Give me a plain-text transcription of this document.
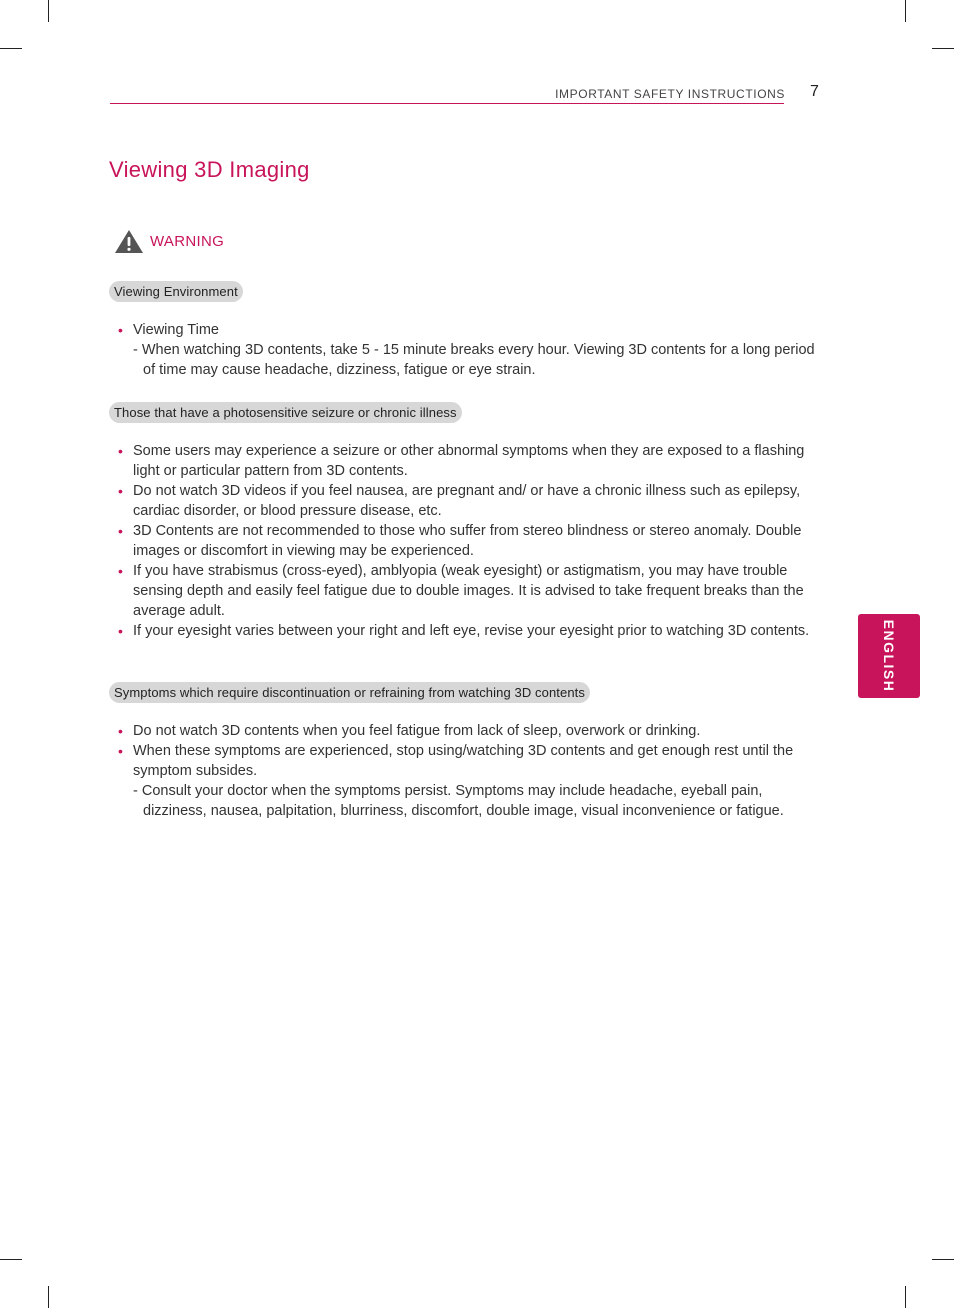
IMPORTANT SAFETY INSTRUCTIONS 7
Viewing 3D Imaging
WARNING
Viewing Environment
• Viewing Time
- When watching 3D contents, take 5 - 15 minute breaks every hour. Viewing 3D contents for a long period of time may cause headache, dizziness, fatigue or eye strain.
Those that have a photosensitive seizure or chronic illness
• Some users may experience a seizure or other abnormal symptoms when they are exposed to a flashing light or particular pattern from 3D contents.
• Do not watch 3D videos if you feel nausea, are pregnant and/ or have a chronic illness such as epilepsy, cardiac disorder, or blood pressure disease, etc.
• 3D Contents are not recommended to those who suffer from stereo blindness or stereo anomaly. Double images or discomfort in viewing may be experienced.
• If you have strabismus (cross-eyed), amblyopia (weak eyesight) or astigmatism, you may have trouble sensing depth and easily feel fatigue due to double images. It is advised to take frequent breaks than the average adult.
• If your eyesight varies between your right and left eye, revise your eyesight prior to watching 3D contents.
Symptoms which require discontinuation or refraining from watching 3D contents
• Do not watch 3D contents when you feel fatigue from lack of sleep, overwork or drinking.
• When these symptoms are experienced, stop using/watching 3D contents and get enough rest until the symptom subsides.
- Consult your doctor when the symptoms persist. Symptoms may include headache, eyeball pain, dizziness, nausea, palpitation, blurriness, discomfort, double image, visual inconvenience or fatigue.
ENGLISH
